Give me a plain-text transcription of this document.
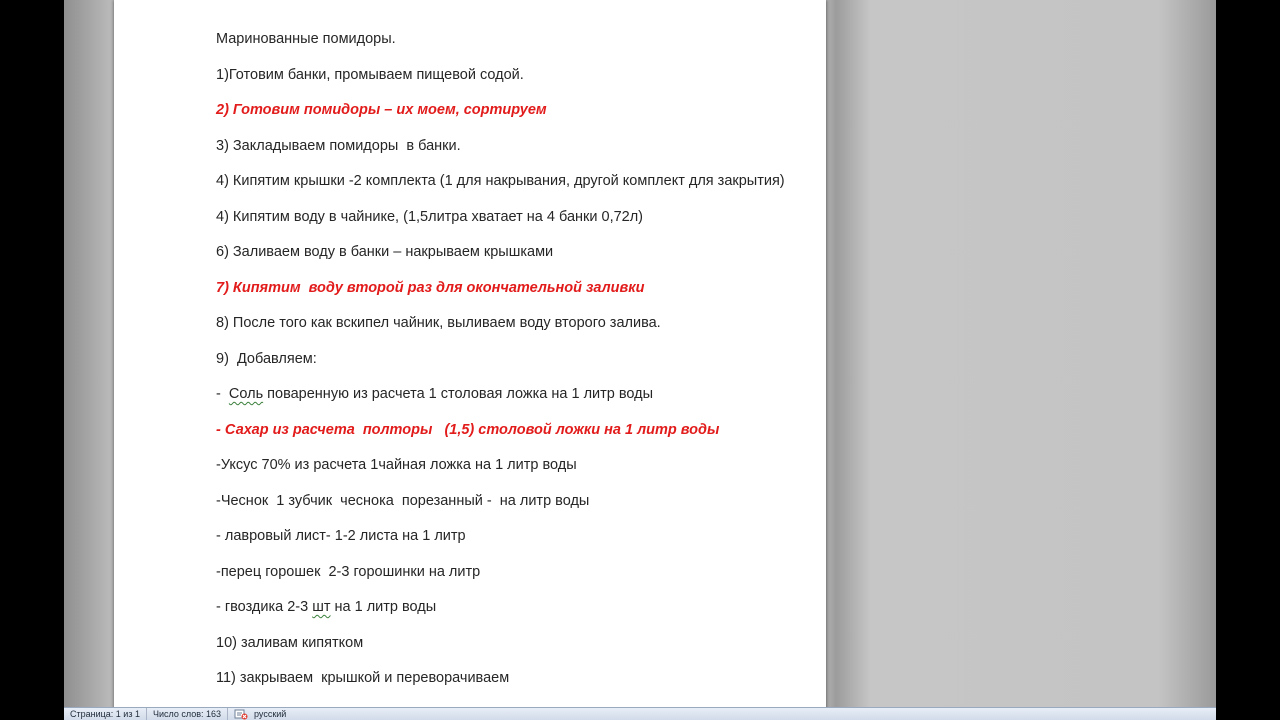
Маринованные помидоры.

1)Готовим банки, промываем пищевой содой.

2) Готовим помидоры – их моем, сортируем

3) Закладываем помидоры  в банки.

4) Кипятим крышки -2 комплекта (1 для накрывания, другой комплект для закрытия)

4) Кипятим воду в чайнике, (1,5литра хватает на 4 банки 0,72л)

6) Заливаем воду в банки – накрываем крышками

7) Кипятим  воду второй раз для окончательной заливки

8) После того как вскипел чайник, выливаем воду второго залива.

9)  Добавляем:

-  Соль поваренную из расчета 1 столовая ложка на 1 литр воды

- Сахар из расчета  полторы   (1,5) столовой ложки на 1 литр воды

-Уксус 70% из расчета 1чайная ложка на 1 литр воды

-Чеснок  1 зубчик  чеснока  порезанный -  на литр воды

- лавровый лист- 1-2 листа на 1 литр

-перец горошек  2-3 горошинки на литр

- гвоздика 2-3 шт на 1 литр воды

10) заливам кипятком

11) закрываем  крышкой и переворачиваем

Страница: 1 из 1	Число слов: 163	русский
